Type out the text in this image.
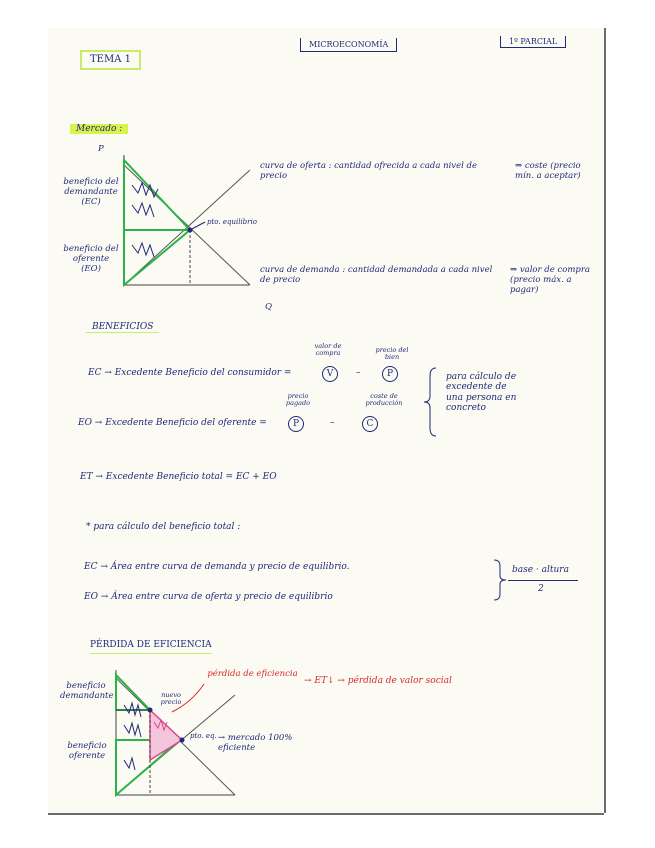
TEMA 1
MICROECONOMÍA	1º PARCIAL
Mercado :
P
Q
beneficio del demandante (EC)
beneficio del oferente (EO)
pto. equilibrio
curva de oferta : cantidad ofrecida a cada nivel de precio
⇒ coste (precio mín. a aceptar)
curva de demanda : cantidad demandada a cada nivel de precio
⇒ valor de compra (precio máx. a pagar)
BENEFICIOS
valor de compra	precio del bien
EC → Excedente Beneficio del consumidor =	V	–	P
precio pagado
coste de producción
EO → Excedente Beneficio del oferente =	P	–	C
para cálculo de excedente de una persona en concreto
ET → Excedente Beneficio total = EC + EO
* para cálculo del beneficio total :
EC → Área entre curva de demanda y precio de equilibrio.
EO → Área entre curva de oferta y precio de equilibrio
base · altura
2
PÉRDIDA DE EFICIENCIA
beneficio demandante
beneficio oferente
nuevo precio
pérdida de eficiencia
→ ET↓ → pérdida de valor social
pto. eq. → mercado 100% eficiente
